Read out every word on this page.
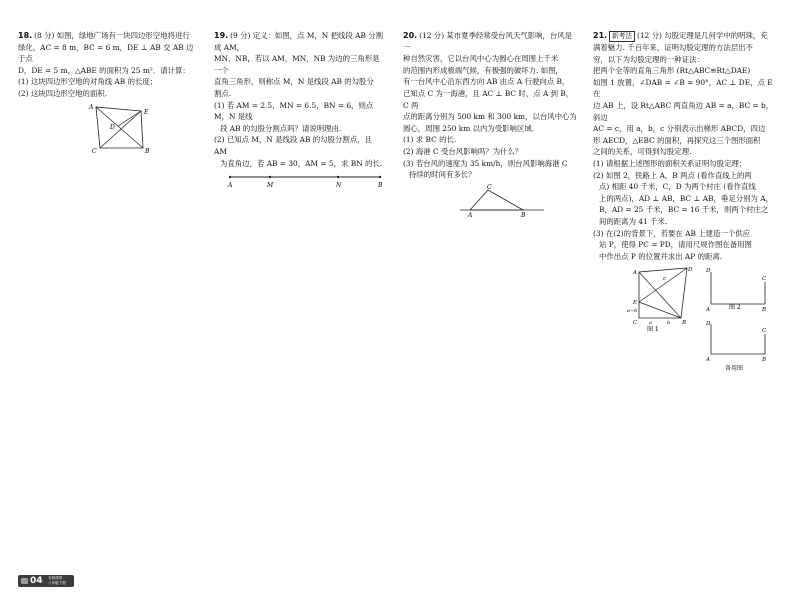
18. (8 分) 如图，绿地广场有一块四边形空地将进行

绿化，AC = 8 m，BC = 6 m，DE ⊥ AB 交 AB 边于点

D，DE = 5 m，△ABE 的面积为 25 m²．请计算：

(1) 这块四边形空地的对角线 AB 的长度；

(2) 这块四边形空地的面积.

A
E
D
C	B

19. (9 分) 定义：如图，点 M，N 把线段 AB 分割成 AM，

MN，NB，若以 AM，MN，NB 为边的三角形是一个

直角三角形，则称点 M，N 是线段 AB 的勾股分

割点.

(1) 若 AM = 2.5，MN = 6.5，BN = 6，则点 M，N 是线

段 AB 的勾股分割点吗？请说明理由.

(2) 已知点 M，N 是线段 AB 的勾股分割点，且 AM

为直角边，若 AB = 30，AM = 5，求 BN 的长.

A	M	N	B

20. (12 分) 某市夏季经常受台风天气影响，台风是一

种自然灾害，它以台风中心为圆心在周围上千米

的范围内形成极端气候，有极强的破坏力. 如图，

有一台风中心沿东西方向 AB 由点 A 行驶向点 B，

已知点 C 为一海港，且 AC ⊥ BC 时，点 A 到 B，C 两

点的距离分别为 500 km 和 300 km，以台风中心为

圆心，周围 250 km 以内为受影响区域.

(1) 求 BC 的长.

(2) 海港 C 受台风影响吗？为什么？

(3) 若台风的速度为 35 km/h，则台风影响海港 C

持续的时间有多长？

C
A	B

21. 新考法 (12 分) 勾股定理是几何学中的明珠，充

满着魅力. 千百年来，证明勾股定理的方法层出不

穷，以下为勾股定理的一种证法：

把两个全等的直角三角形 (Rt△ABC≌Rt△DAE)

如图 1 放置，∠DAB = ∠B = 90°，AC ⊥ DE，点 E 在

边 AB 上，设 Rt△ABC 两直角边 AB = a，BC = b，斜边

AC = c，用 a，b，c 分别表示出梯形 ABCD，四边

形 AECD，△EBC 的面积，再探究这三个图形面积

之间的关系，可得到勾股定理.

(1) 请根据上述图形的面积关系证明勾股定理；

(2) 如图 2，铁路上 A，B 两点 (看作直线上的两

点) 相距 40 千米，C，D 为两个村庄 (看作直线

上的两点)，AD ⊥ AB，BC ⊥ AB，垂足分别为 A，

B，AD = 25 千米，BC = 16 千米，则两个村庄之

间的距离为 41 千米.

(3) 在(2)的背景下，若要在 AB 上建造一个供应

站 P，使得 PC = PD，请用尺规作图在备用图

中作出点 P 的位置并求出 AP 的距离.

A	D
c
E
a−b
C	B
a	b
图 1
D
C
A	B
图 2
D
C
A	B
备用图
04 名校课堂
八年级下册
